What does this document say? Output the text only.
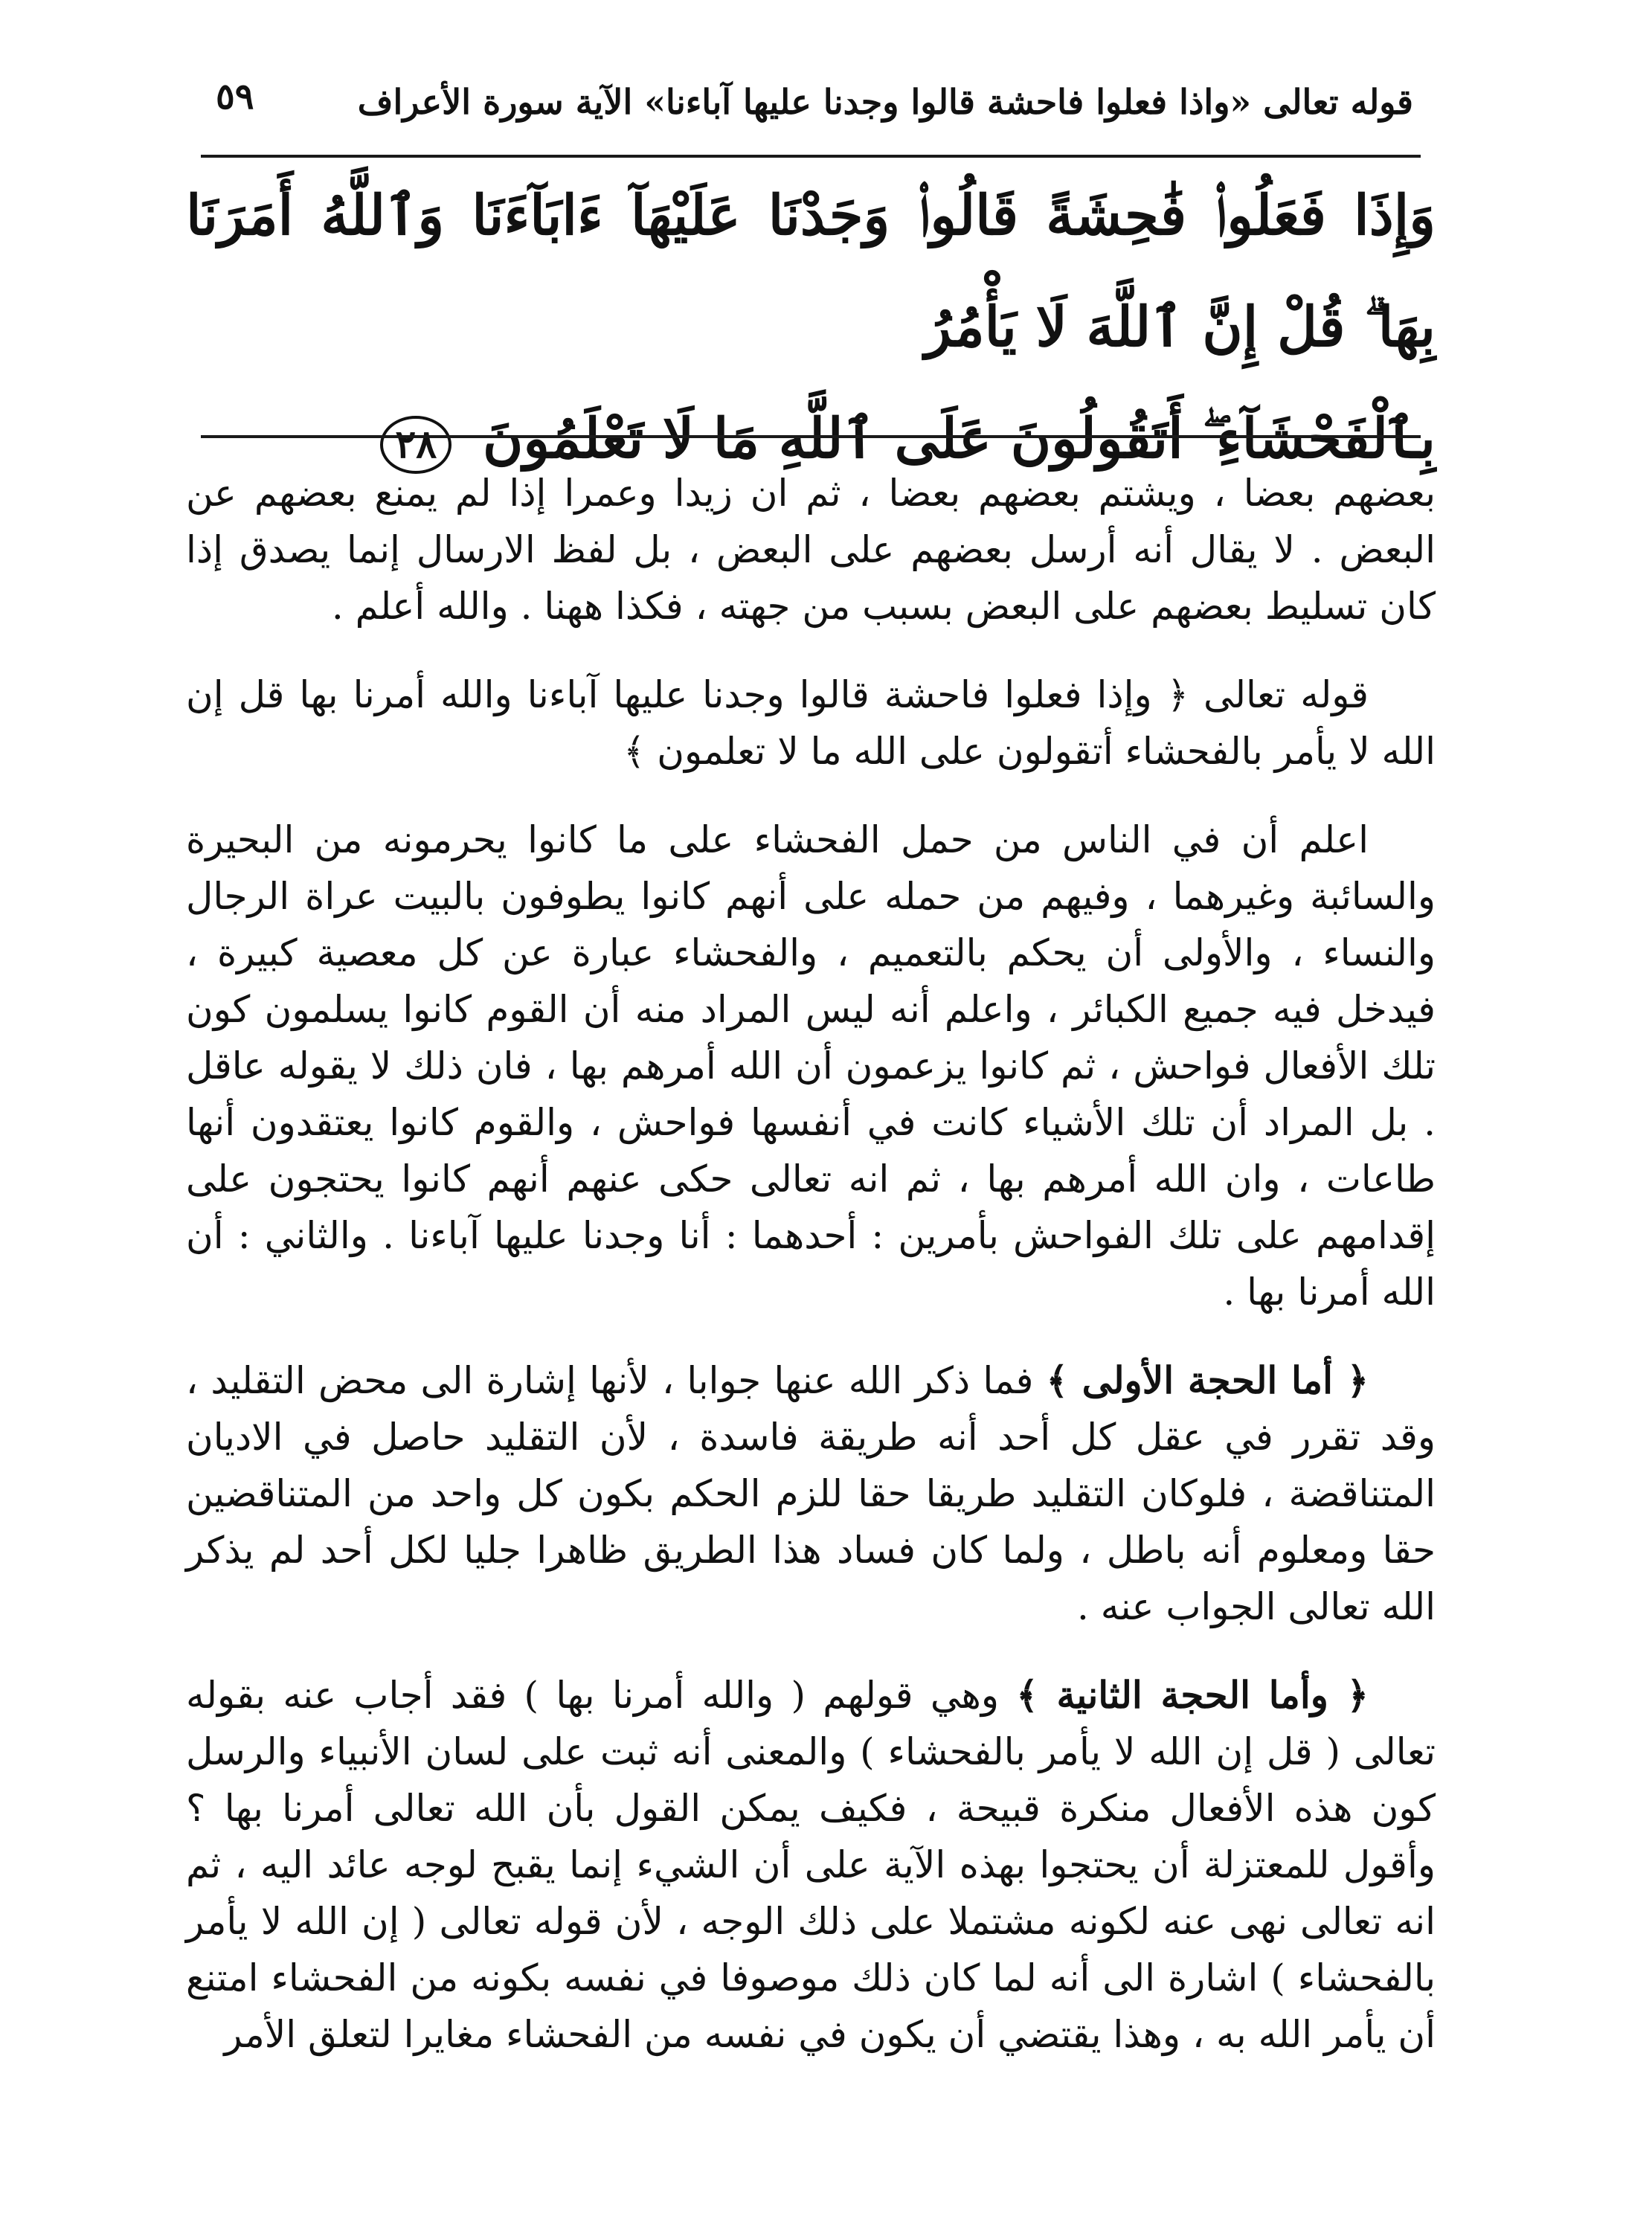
قوله تعالى «واذا فعلوا فاحشة قالوا وجدنا عليها آباءنا» الآية سورة الأعراف
٥٩

وَإِذَا فَعَلُوا۟ فَٰحِشَةً قَالُوا۟ وَجَدْنَا عَلَيْهَآ ءَابَآءَنَا وَٱللَّهُ أَمَرَنَا بِهَا ۗ قُلْ إِنَّ ٱللَّهَ لَا يَأْمُرُ

بِٱلْفَحْشَآءِ ۖ أَتَقُولُونَ عَلَى ٱللَّهِ مَا لَا تَعْلَمُونَ ٢٨

بعضهم بعضا ، ويشتم بعضهم بعضا ، ثم ان زيدا وعمرا إذا لم يمنع بعضهم عن البعض . لا يقال أنه أرسل بعضهم على البعض ، بل لفظ الارسال إنما يصدق إذا كان تسليط بعضهم على البعض بسبب من جهته ، فكذا ههنا . والله أعلم .

قوله تعالى ﴿ وإذا فعلوا فاحشة قالوا وجدنا عليها آباءنا والله أمرنا بها قل إن الله لا يأمر بالفحشاء أتقولون على الله ما لا تعلمون ﴾

اعلم أن في الناس من حمل الفحشاء على ما كانوا يحرمونه من البحيرة والسائبة وغيرهما ، وفيهم من حمله على أنهم كانوا يطوفون بالبيت عراة الرجال والنساء ، والأولى أن يحكم بالتعميم ، والفحشاء عبارة عن كل معصية كبيرة ، فيدخل فيه جميع الكبائر ، واعلم أنه ليس المراد منه أن القوم كانوا يسلمون كون تلك الأفعال فواحش ، ثم كانوا يزعمون أن الله أمرهم بها ، فان ذلك لا يقوله عاقل . بل المراد أن تلك الأشياء كانت في أنفسها فواحش ، والقوم كانوا يعتقدون أنها طاعات ، وان الله أمرهم بها ، ثم انه تعالى حكى عنهم أنهم كانوا يحتجون على إقدامهم على تلك الفواحش بأمرين : أحدهما : أنا وجدنا عليها آباءنا . والثاني : أن الله أمرنا بها .

﴿ أما الحجة الأولى ﴾ فما ذكر الله عنها جوابا ، لأنها إشارة الى محض التقليد ، وقد تقرر في عقل كل أحد أنه طريقة فاسدة ، لأن التقليد حاصل في الاديان المتناقضة ، فلوكان التقليد طريقا حقا للزم الحكم بكون كل واحد من المتناقضين حقا ومعلوم أنه باطل ، ولما كان فساد هذا الطريق ظاهرا جليا لكل أحد لم يذكر الله تعالى الجواب عنه .

﴿ وأما الحجة الثانية ﴾ وهي قولهم ( والله أمرنا بها ) فقد أجاب عنه بقوله تعالى ( قل إن الله لا يأمر بالفحشاء ) والمعنى أنه ثبت على لسان الأنبياء والرسل كون هذه الأفعال منكرة قبيحة ، فكيف يمكن القول بأن الله تعالى أمرنا بها ؟ وأقول للمعتزلة أن يحتجوا بهذه الآية على أن الشيء إنما يقبح لوجه عائد اليه ، ثم انه تعالى نهى عنه لكونه مشتملا على ذلك الوجه ، لأن قوله تعالى ( إن الله لا يأمر بالفحشاء ) اشارة الى أنه لما كان ذلك موصوفا في نفسه بكونه من الفحشاء امتنع أن يأمر الله به ، وهذا يقتضي أن يكون في نفسه من الفحشاء مغايرا لتعلق الأمر
